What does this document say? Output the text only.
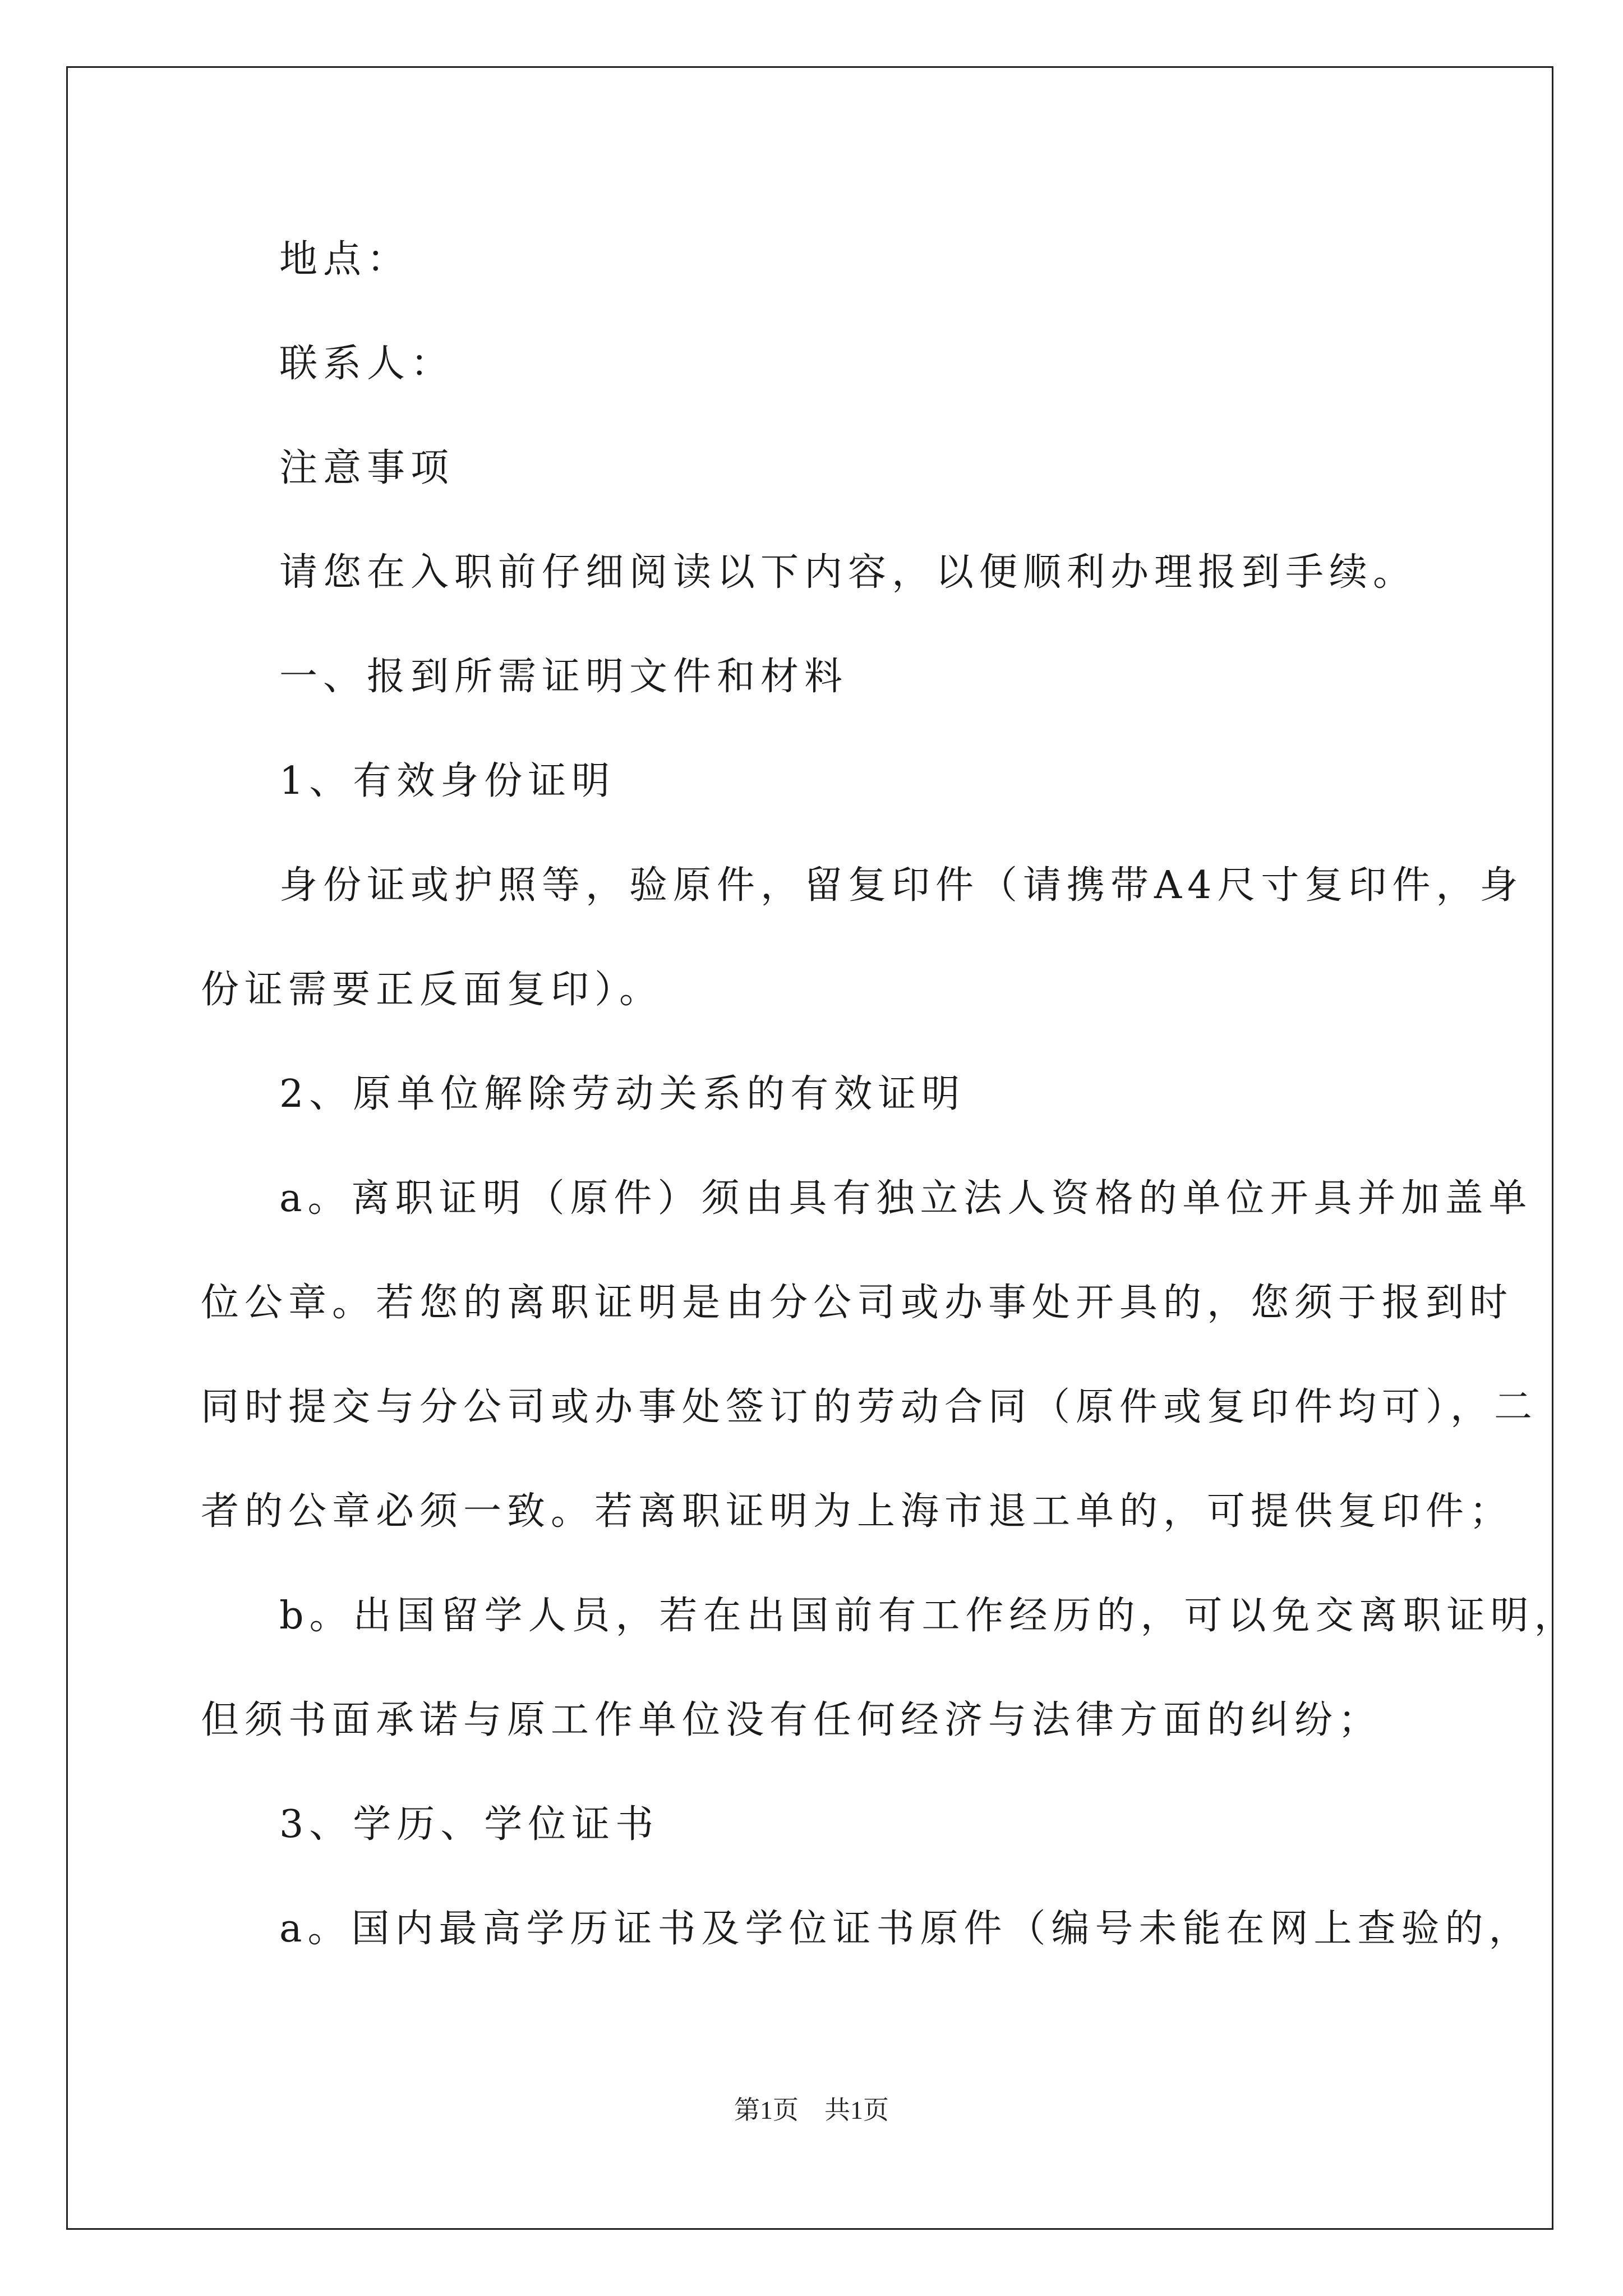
地点：

联系人：

注意事项

请您在入职前仔细阅读以下内容，以便顺利办理报到手续。

一、报到所需证明文件和材料

1、有效身份证明

身份证或护照等，验原件，留复印件（请携带A4尺寸复印件，身

份证需要正反面复印）。

2、原单位解除劳动关系的有效证明

a。离职证明（原件）须由具有独立法人资格的单位开具并加盖单

位公章。若您的离职证明是由分公司或办事处开具的，您须于报到时

同时提交与分公司或办事处签订的劳动合同（原件或复印件均可），二

者的公章必须一致。若离职证明为上海市退工单的，可提供复印件；

b。出国留学人员，若在出国前有工作经历的，可以免交离职证明，

但须书面承诺与原工作单位没有任何经济与法律方面的纠纷；

3、学历、学位证书

a。国内最高学历证书及学位证书原件（编号未能在网上查验的，

第1页　共1页
